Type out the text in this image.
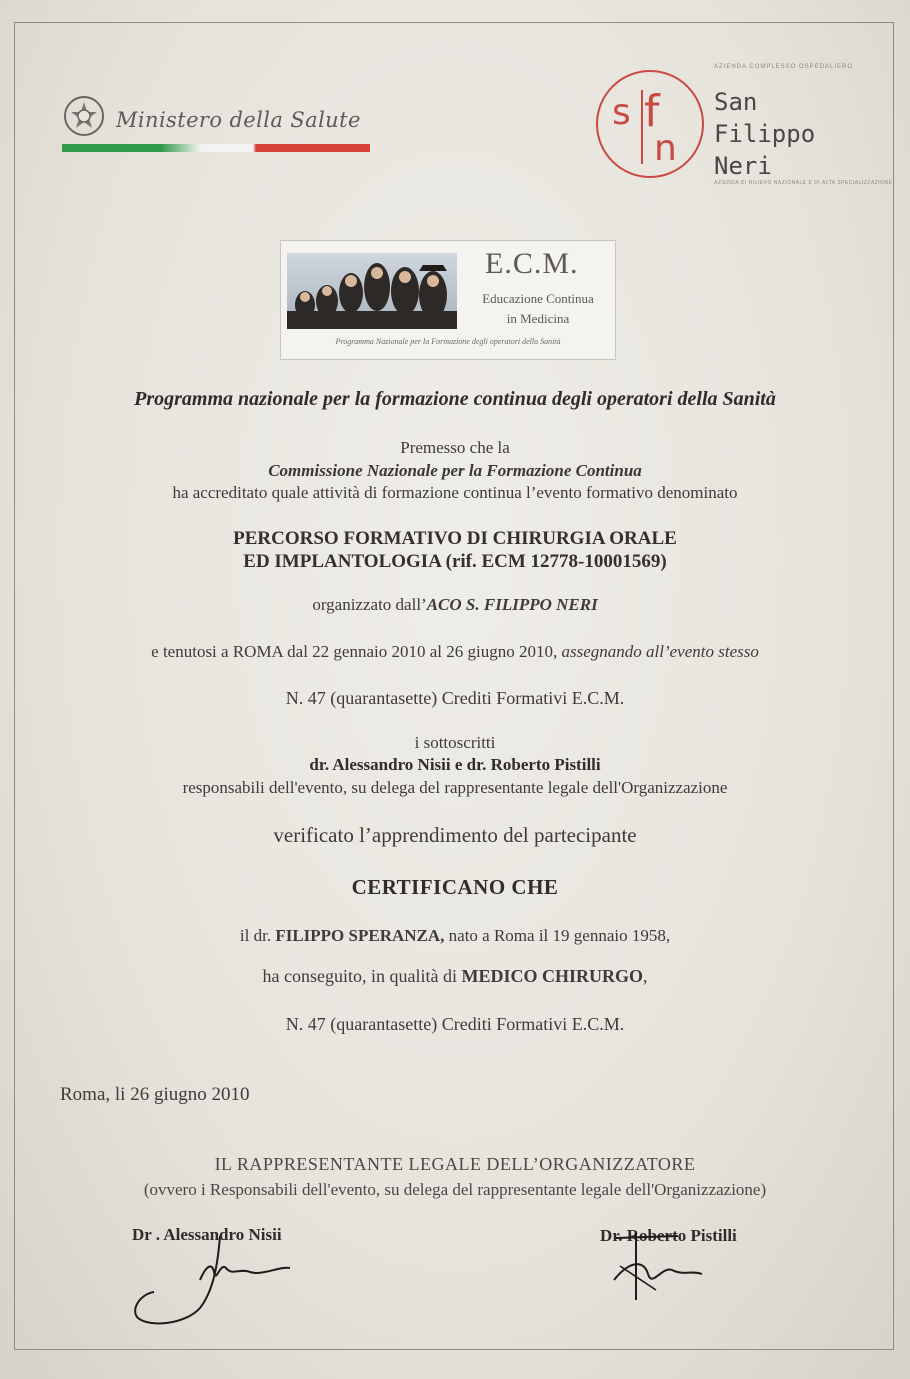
Ministero della Salute
AZIENDA COMPLESSO OSPEDALIERO
s f
n
San
Filippo
Neri
AZIENDA DI RILIEVO NAZIONALE E DI ALTA SPECIALIZZAZIONE
E.C.M.
Educazione Continua
in Medicina
Programma Nazionale per la Formazione degli operatori della Sanità
Programma nazionale per la formazione continua degli operatori della Sanità
Premesso che la
Commissione Nazionale per la Formazione Continua
ha accreditato quale attività di formazione continua l’evento formativo denominato
PERCORSO FORMATIVO DI CHIRURGIA ORALE
ED IMPLANTOLOGIA (rif. ECM 12778-10001569)
organizzato dall’ACO S. FILIPPO NERI
e tenutosi a ROMA dal 22 gennaio 2010 al 26 giugno 2010, assegnando all’evento stesso
N. 47 (quarantasette) Crediti Formativi E.C.M.
i sottoscritti
dr. Alessandro Nisii e dr. Roberto Pistilli
responsabili dell'evento, su delega del rappresentante legale dell'Organizzazione
verificato l’apprendimento del partecipante
CERTIFICANO CHE
il dr. FILIPPO SPERANZA, nato a Roma il 19 gennaio 1958,
ha conseguito, in qualità di MEDICO CHIRURGO,
N. 47 (quarantasette) Crediti Formativi E.C.M.
Roma, li 26 giugno 2010
IL RAPPRESENTANTE LEGALE DELL’ORGANIZZATORE
(ovvero i Responsabili dell'evento, su delega del rappresentante legale dell'Organizzazione)
Dr . Alessandro Nisii	Dr. Roberto Pistilli
